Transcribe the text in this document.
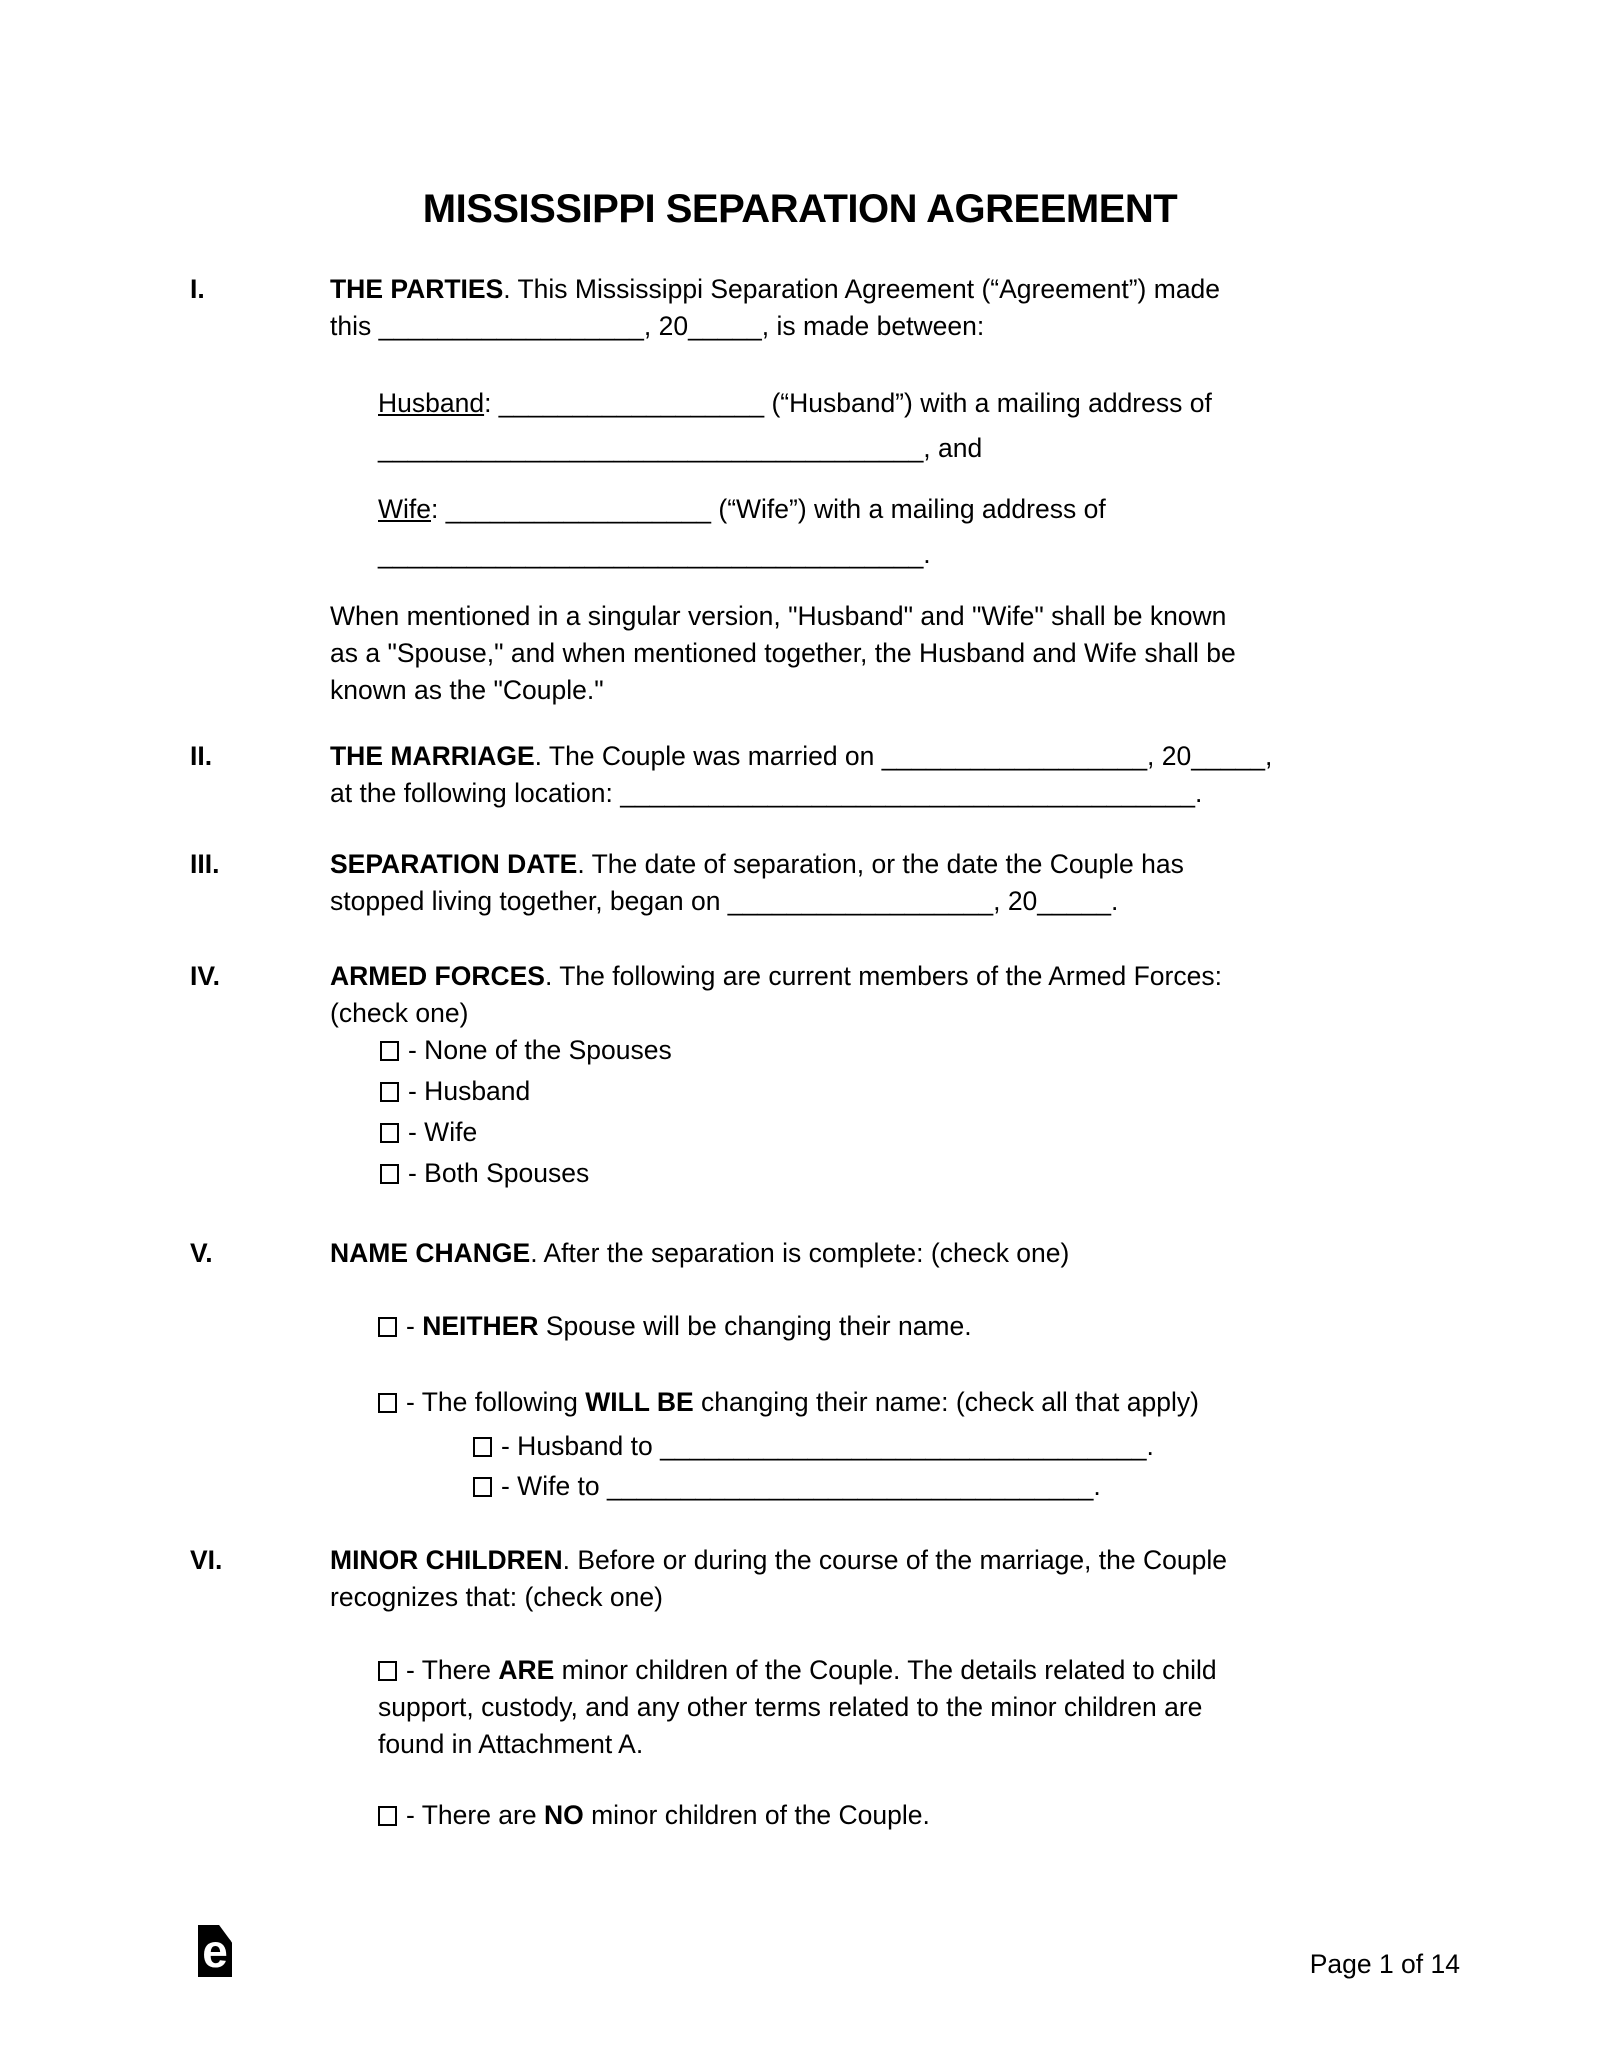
MISSISSIPPI SEPARATION AGREEMENT
I.	THE PARTIES. This Mississippi Separation Agreement (“Agreement”) made
this __________________, 20_____, is made between:
Husband: __________________ (“Husband”) with a mailing address of
_____________________________________, and
Wife: __________________ (“Wife”) with a mailing address of
_____________________________________.
When mentioned in a singular version, "Husband" and "Wife" shall be known
as a "Spouse," and when mentioned together, the Husband and Wife shall be
known as the "Couple."
II.	THE MARRIAGE. The Couple was married on __________________, 20_____,
at the following location: _______________________________________.
III.	SEPARATION DATE. The date of separation, or the date the Couple has
stopped living together, began on __________________, 20_____.
IV.	ARMED FORCES. The following are current members of the Armed Forces:
(check one)
- None of the Spouses
- Husband
- Wife
- Both Spouses
V.	NAME CHANGE. After the separation is complete: (check one)
- NEITHER Spouse will be changing their name.
- The following WILL BE changing their name: (check all that apply)
- Husband to _________________________________.
- Wife to _________________________________.
VI.	MINOR CHILDREN. Before or during the course of the marriage, the Couple
recognizes that: (check one)
- There ARE minor children of the Couple. The details related to child
support, custody, and any other terms related to the minor children are
found in Attachment A.
- There are NO minor children of the Couple.
e	Page 1 of 14
